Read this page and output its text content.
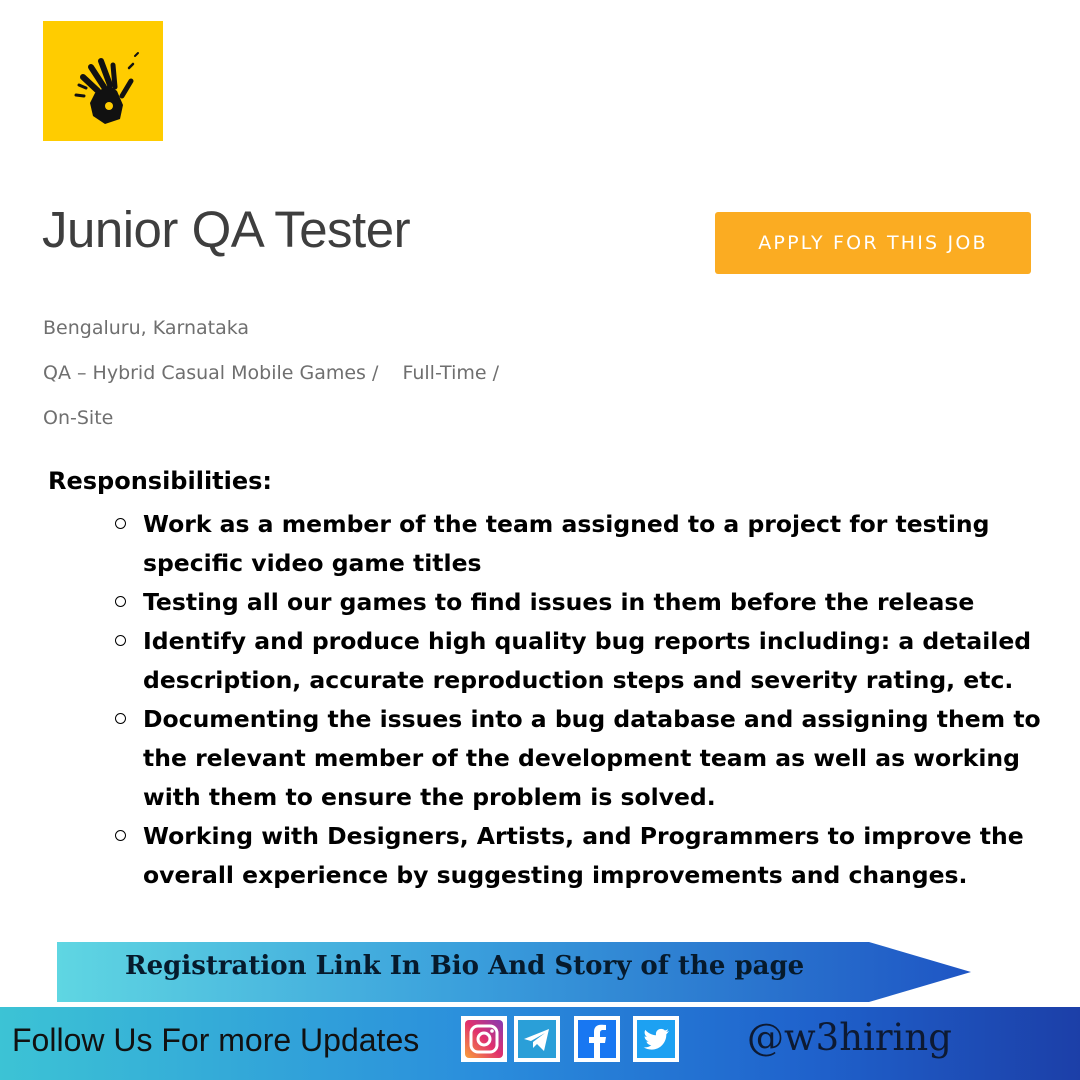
Junior QA Tester	APPLY FOR THIS JOB
Bengaluru, Karnataka
QA – Hybrid Casual Mobile Games / Full-Time /
On-Site
Responsibilities:
Work as a member of the team assigned to a project for testing specific video game titles
Testing all our games to find issues in them before the release
Identify and produce high quality bug reports including: a detailed description, accurate reproduction steps and severity rating, etc.
Documenting the issues into a bug database and assigning them to the relevant member of the development team as well as working with them to ensure the problem is solved.
Working with Designers, Artists, and Programmers to improve the overall experience by suggesting improvements and changes.
Registration Link In Bio And Story of the page
Follow Us For more Updates	@w3hiring
